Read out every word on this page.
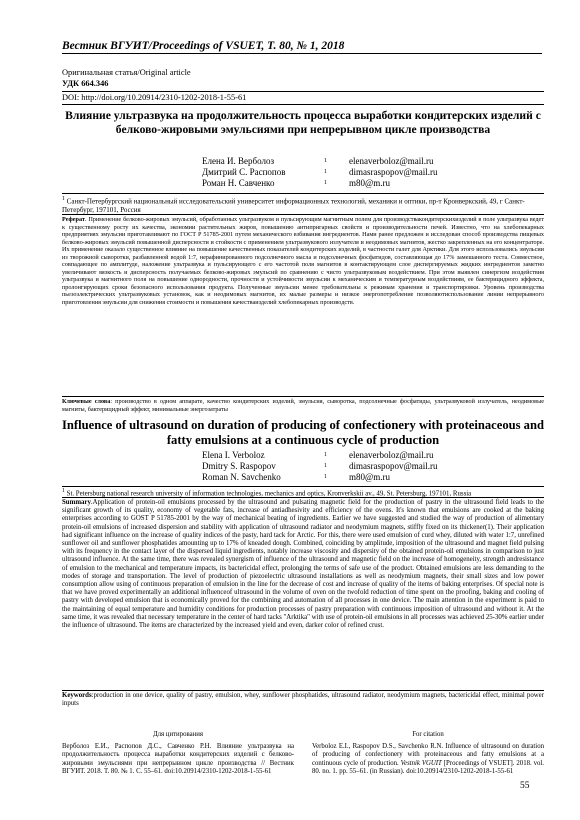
Вестник ВГУИТ/Proceedings of VSUET, Т. 80, № 1, 2018
Оригинальная статья/Original article
УДК 664.346
DOI: http://doi.org/10.20914/2310-1202-2018-1-55-61
Влияние ультразвука на продолжительность процесса выработки кондитерских изделий с белково-жировыми эмульсиями при непрерывном цикле производства
Елена И. Верболоз	1	elenaverboloz@mail.ru
Дмитрий С. Распопов	1	dimasraspopov@mail.ru
Роман Н. Савченко	1	m80@m.ru
$^1$ Санкт-Петербургский национальный исследовательский университет информационных технологий, механики и оптики, пр-т Кронверкский, 49, г Санкт-Петербург, 197101, Россия
Реферат. Применение белково-жировых эмульсий, обработанных ультразвуком и пульсирующим магнитным полем для производствакондитерскихизделий в поле ультразвука ведет к существенному росту их качества, экономии растительных жиров, повышению антипригарных свойств и производительности печей. Известно, что на хлебопекарных предприятиях эмульсии приготавливают по ГОСТ Р 51785-2001 путем механического взбивания ингредиентов. Нами ранее предложен и исследован способ производства пищевых белково-жировых эмульсий повышенной дисперсности и стойкости с применением ультразвукового излучателя и неодимовых магнитов, жестко закрепленных на его концентраторе. Их применение оказало существенное влияние на повышение качественных показателей кондитерских изделий, в частности галет для Арктики. Для этого использовались эмульсии из творожной сыворотки, разбавленной водой 1:7, нерафинированного подсолнечного масла и подсолнечных фосфатидов, составляющая до 17% замешанного теста. Совместное, совпадающее по амплитуде, наложение ультразвука и пульсирующего с его частотой поля магнитов в контактирующем слое диспергируемых жидких ингредиентов заметно увеличивают вязкость и дисперсность получаемых белково-жировых эмульсий по сравнению с чисто ультразвуковым воздействием. При этом выявлен синергизм воздействия ультразвука и магнитного поля на повышение однородности, прочности и устойчивости эмульсии к механическим и температурным воздействиям, ее бактерицидного эффекта, пролонгирующих сроки безопасного использования продукта. Полученные эмульсии менее требовательны к режимам хранения и транспортировки. Уровень производства пьезоэлектрических ультразвуковых установок, как и неодимовых магнитов, их малые размеры и низкое энергопотребление позволяютиспользование линии непрерывного приготовления эмульсии для снижения стоимости и повышения качествaизделий хлебопекарных производств.
Ключевые слова: производство в одном аппарате, качество кондитерских изделий, эмульсия, сыворотка, подсолнечные фосфатиды, ультразвуковой излучатель, неодимовые магниты, бактерицидный эффект, минимальные энергозатраты
Influence of ultrasound on duration of producing of confectionery with proteinaceous and fatty emulsions at a continuous cycle of production
Elena I. Verboloz	1	elenaverboloz@mail.ru
Dmitry S. Raspopov	1	dimasraspopov@mail.ru
Roman N. Savchenko	1	m80@m.ru
$^1$ St. Petersburg national research university of information technologies, mechanics and optics, Kronverkskii av., 49, St. Petersburg, 197101, Russia
Summary.Application of protein-oil emulsions processed by the ultrasound and pulsating magnetic field for the production of pastry in the ultrasound field leads to the significant growth of its quality, economy of vegetable fats, increase of antiadhesivity and efficiency of the ovens. It's known that emulsions are cooked at the baking enterprises according to GOST P 51785-2001 by the way of mechanical beating of ingredients. Earlier we have suggested and studied the way of production of alimentary protein-oil emulsions of increased dispersion and stability with application of ultrasound radiator and neodymium magnets, stiffly fixed on its thickener(1). Their application had significant influence on the increase of quality indices of the pasty, hard tack for Arctic. For this, there were used emulsion of curd whey, diluted with water 1:7, unrefined sunflower oil and sunflower phosphatides amounting up to 17% of kneaded dough. Combined, coinciding by amplitude, imposition of the ultrasound and magnet field pulsing with its frequency in the contact layer of the dispersed liquid ingredients, notably increase viscosity and dispersity of the obtained protein-oil emulsions in comparison to just ultrasound influence. At the same time, there was revealed synergism of influence of the ultrasound and magnetic field on the increase of homogeneity, strength andresistance of emulsion to the mechanical and temperature impacts, its bactericidal effect, prolonging the terms of safe use of the product. Obtained emulsions are less demanding to the modes of storage and transportation. The level of production of piezoelectric ultrasound installations as well as neodymium magnets, their small sizes and low power consumption allow using of continuous preparation of emulsion in the line for the decrease of cost and increase of quality of the items of baking enterprises. Of special note is that we have proved experimentally an additional influenceof ultrasound in the volume of oven on the twofold reduction of time spent on the proofing, baking and cooling of pastry with developed emulsion that is economically proved for the combining and automation of all processes in one device. The main attention in the experiment is paid to the maintaining of equal temperature and humidity conditions for production processes of pastry preparation with continuous imposition of ultrasound and without it. At the same time, it was revealed that necessary temperature in the center of hard tacks "Arktika" with use of protein-oil emulsions in all processes was achieved 25-30% earlier under the influence of ultrasound. The items are characterized by the increased yield and even, darker color of refined crust.
Keywords:production in one device, quality of pastry, emulsion, whey, sunflower phosphatides, ultrasound radiator, neodymium magnets, bactericidal effect, minimal power inputs
Для цитирования
Верболоз Е.И., Распопов Д.С., Савченко Р.Н. Влияние ультразвука на продолжительность процесса выработки кондитерских изделий с белково-жировыми эмульсиями при непрерывном цикле производства // Вестник ВГУИТ. 2018. Т. 80. № 1. С. 55–61. doi:10.20914/2310-1202-2018-1-55-61
For citation
Verboloz E.I., Raspopov D.S., Savchenko R.N. Influence of ultrasound on duration of producing of confectionery with proteinaceous and fatty emulsions at a continuous cycle of production. Vestnik VGUIT [Proceedings of VSUET]. 2018. vol. 80. no. 1. pp. 55–61. (in Russian). doi:10.20914/2310-1202-2018-1-55-61
55
